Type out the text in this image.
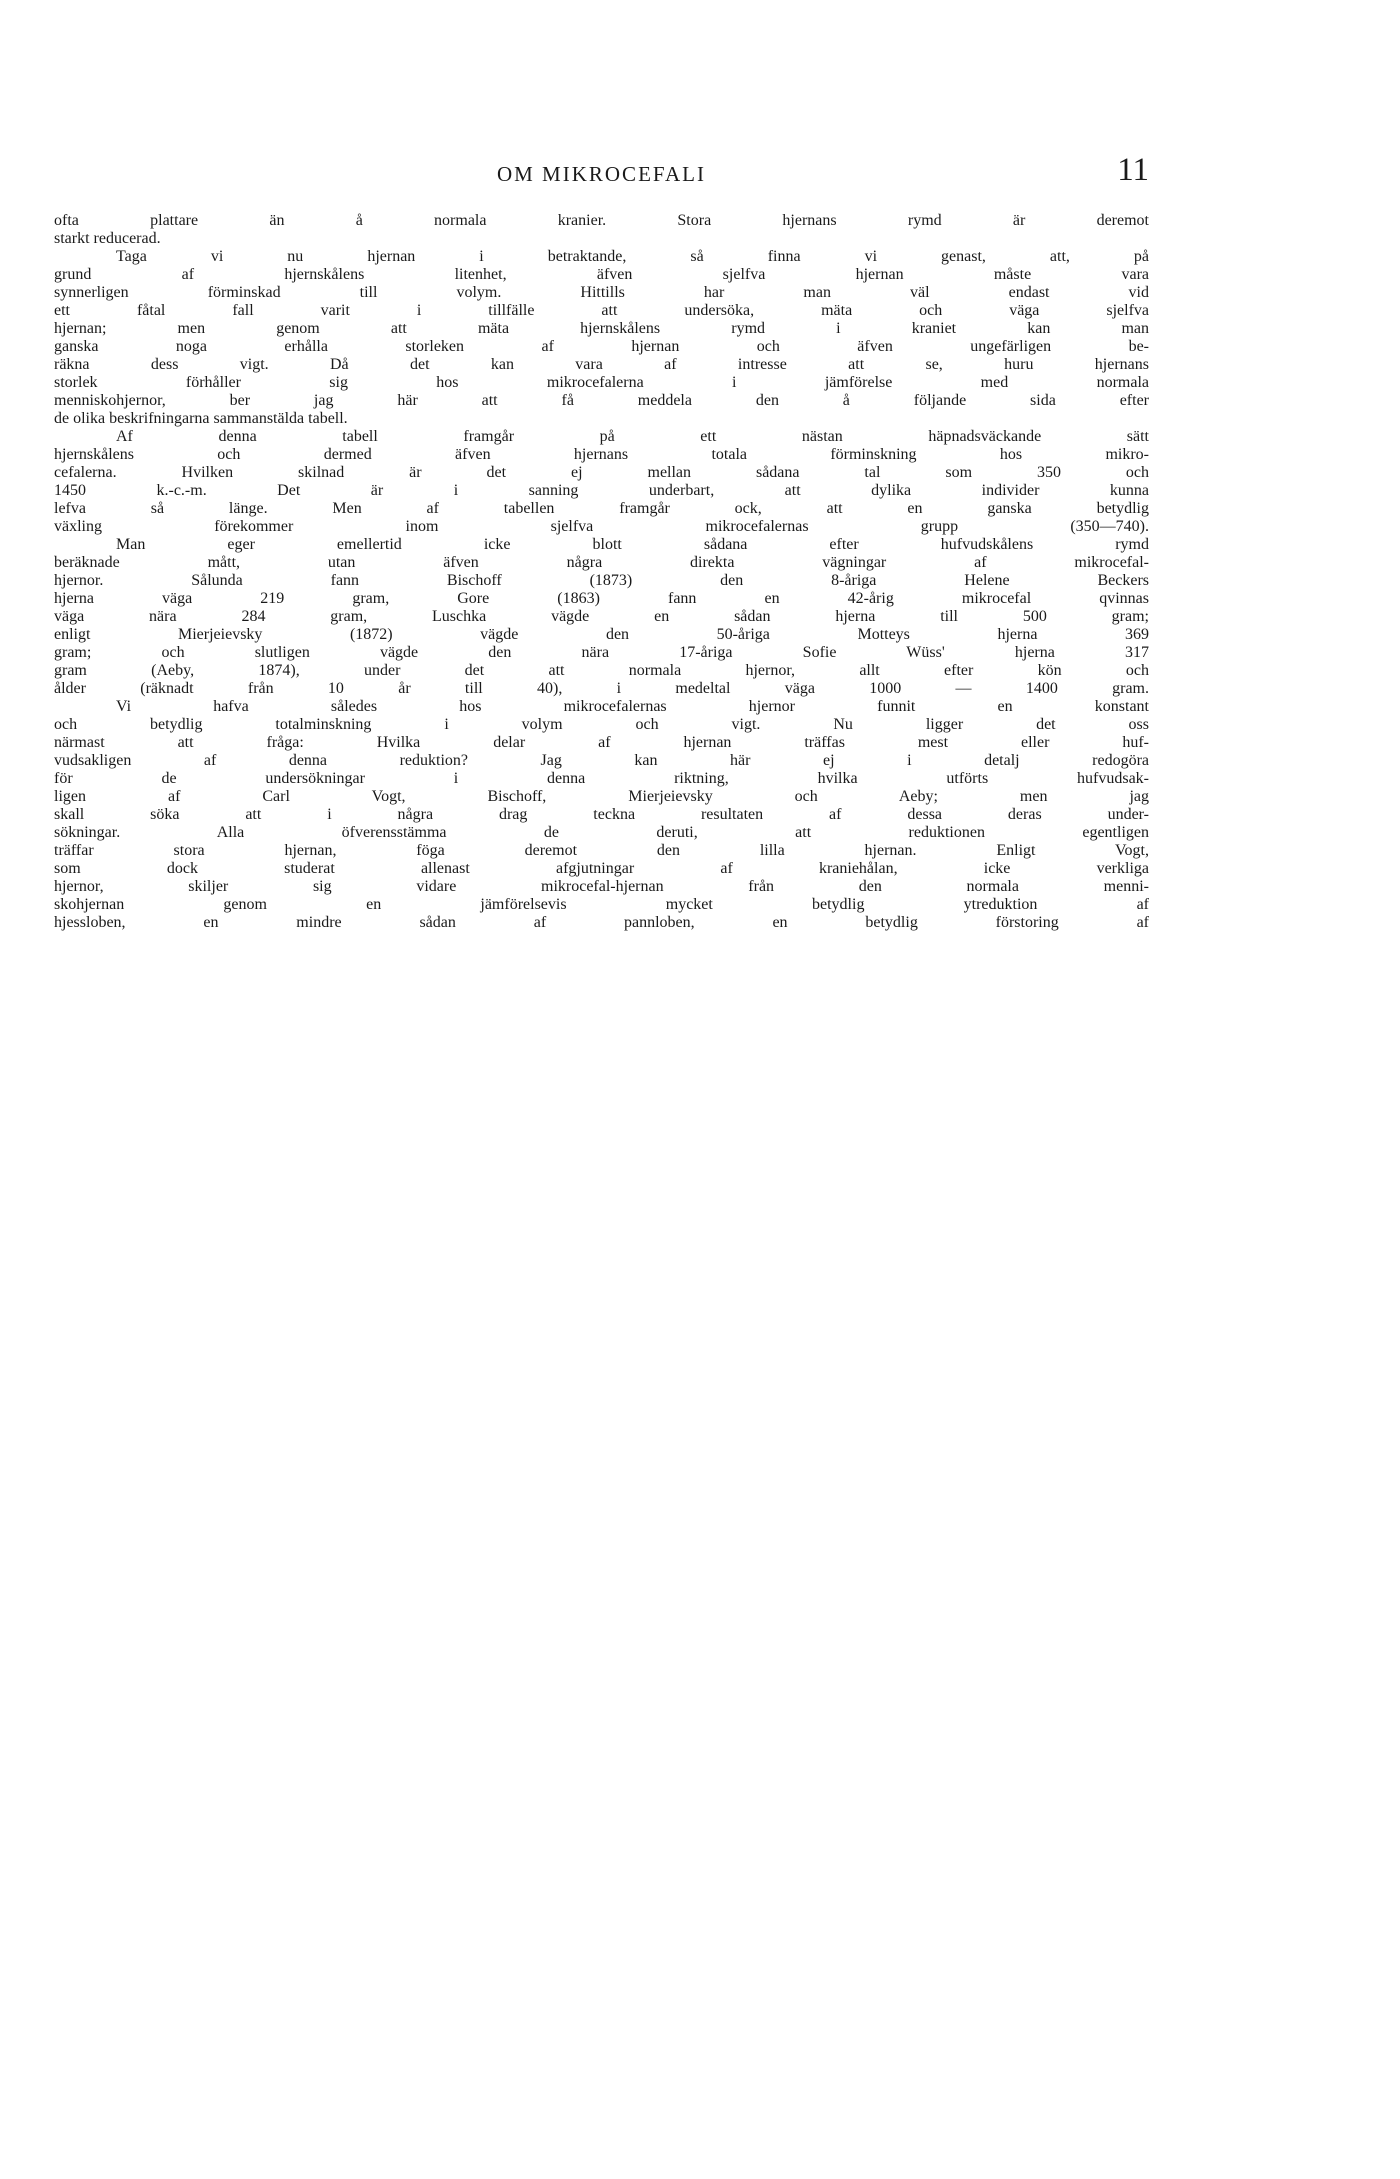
OM MIKROCEFALI	11
ofta plattare än å normala kranier. Stora hjernans rymd är deremot
starkt reducerad.
Taga vi nu hjernan i betraktande, så finna vi genast, att, på
grund af hjernskålens litenhet, äfven sjelfva hjernan måste vara
synnerligen förminskad till volym. Hittills har man väl endast vid
ett fåtal fall varit i tillfälle att undersöka, mäta och väga sjelfva
hjernan; men genom att mäta hjernskålens rymd i kraniet kan man
ganska noga erhålla storleken af hjernan och äfven ungefärligen be-
räkna dess vigt. Då det kan vara af intresse att se, huru hjernans
storlek förhåller sig hos mikrocefalerna i jämförelse med normala
menniskohjernor, ber jag här att få meddela den å följande sida efter
de olika beskrifningarna sammanstälda tabell.
Af denna tabell framgår på ett nästan häpnadsväckande sätt
hjernskålens och dermed äfven hjernans totala förminskning hos mikro-
cefalerna. Hvilken skilnad är det ej mellan sådana tal som 350 och
1450 k.-c.-m. Det är i sanning underbart, att dylika individer kunna
lefva så länge. Men af tabellen framgår ock, att en ganska betydlig
växling förekommer inom sjelfva mikrocefalernas grupp (350—740).
Man eger emellertid icke blott sådana efter hufvudskålens rymd
beräknade mått, utan äfven några direkta vägningar af mikrocefal-
hjernor. Sålunda fann Bischoff (1873) den 8-åriga Helene Beckers
hjerna väga 219 gram, Gore (1863) fann en 42-årig mikrocefal qvinnas
väga nära 284 gram, Luschka vägde en sådan hjerna till 500 gram;
enligt Mierjeievsky (1872) vägde den 50-åriga Motteys hjerna 369
gram; och slutligen vägde den nära 17-åriga Sofie Wüss' hjerna 317
gram (Aeby, 1874), under det att normala hjernor, allt efter kön och
ålder (räknadt från 10 år till 40), i medeltal väga 1000 — 1400 gram.
Vi hafva således hos mikrocefalernas hjernor funnit en konstant
och betydlig totalminskning i volym och vigt. Nu ligger det oss
närmast att fråga: Hvilka delar af hjernan träffas mest eller huf-
vudsakligen af denna reduktion? Jag kan här ej i detalj redogöra
för de undersökningar i denna riktning, hvilka utförts hufvudsak-
ligen af Carl Vogt, Bischoff, Mierjeievsky och Aeby; men jag
skall söka att i några drag teckna resultaten af dessa deras under-
sökningar. Alla öfverensstämma de deruti, att reduktionen egentligen
träffar stora hjernan, föga deremot den lilla hjernan. Enligt Vogt,
som dock studerat allenast afgjutningar af kraniehålan, icke verkliga
hjernor, skiljer sig vidare mikrocefal-hjernan från den normala menni-
skohjernan genom en jämförelsevis mycket betydlig ytreduktion af
hjessloben, en mindre sådan af pannloben, en betydlig förstoring af
